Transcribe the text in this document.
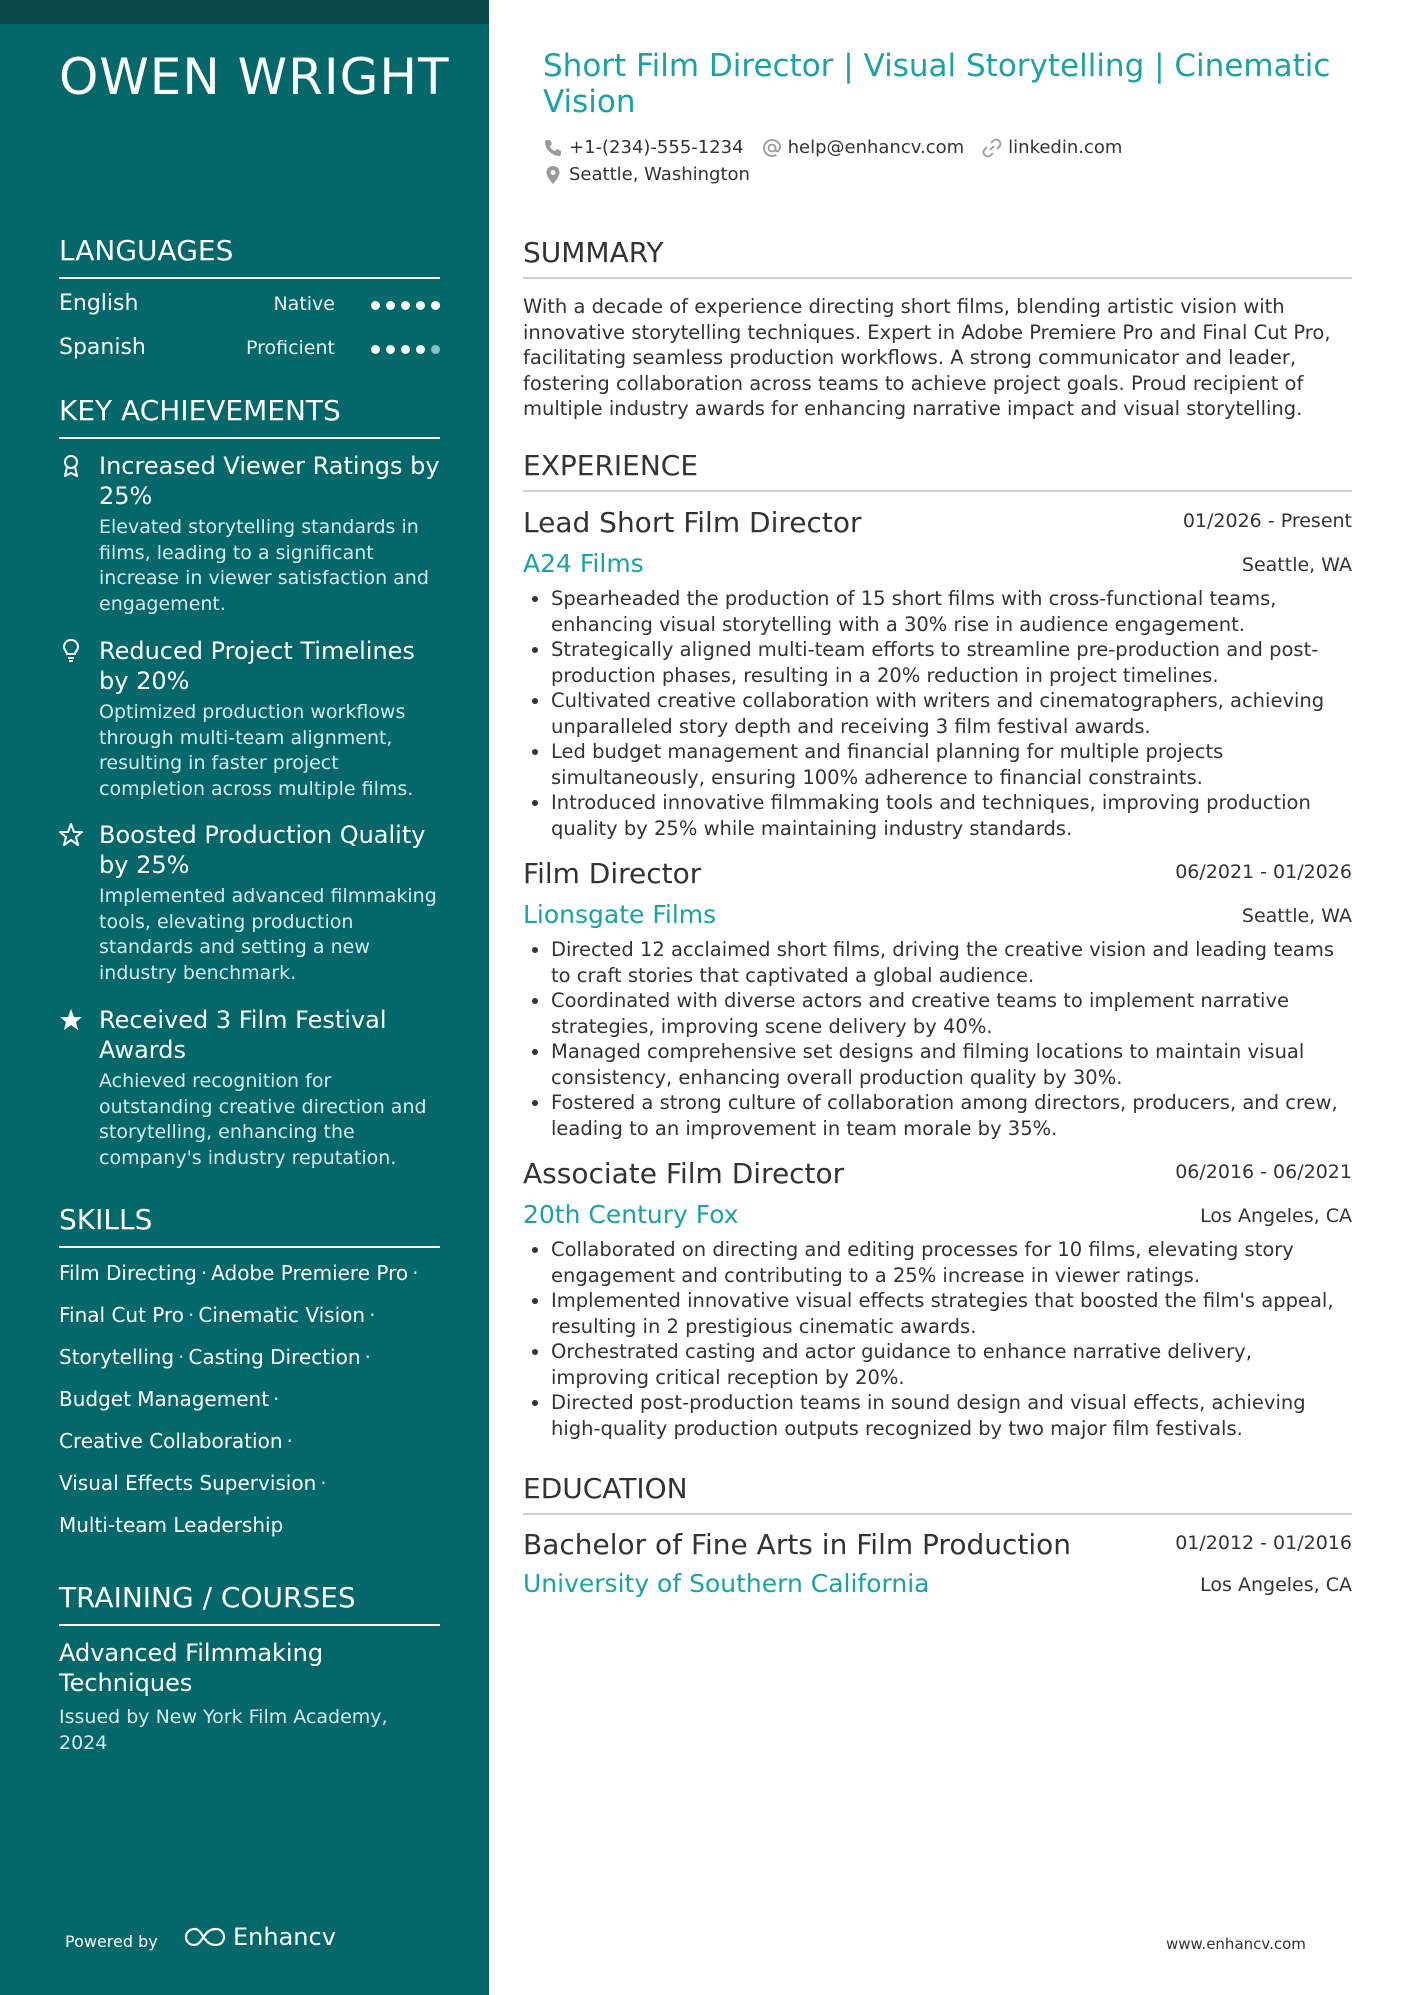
OWEN WRIGHT
LANGUAGES
English	Native
Spanish	Proficient
KEY ACHIEVEMENTS
Increased Viewer Ratings by 25%
Elevated storytelling standards in films, leading to a significant increase in viewer satisfaction and engagement.
Reduced Project Timelines by 20%
Optimized production workflows through multi-team alignment, resulting in faster project completion across multiple films.
Boosted Production Quality by 25%
Implemented advanced filmmaking tools, elevating production standards and setting a new industry benchmark.
Received 3 Film Festival Awards
Achieved recognition for outstanding creative direction and storytelling, enhancing the company's industry reputation.
SKILLS
Film Directing · Adobe Premiere Pro ·
Final Cut Pro · Cinematic Vision ·
Storytelling · Casting Direction ·
Budget Management ·
Creative Collaboration ·
Visual Effects Supervision ·
Multi-team Leadership
TRAINING / COURSES
Advanced Filmmaking Techniques
Issued by New York Film Academy, 2024
Powered by	Enhancv
Short Film Director | Visual Storytelling | Cinematic Vision
+1-(234)-555-1234 help@enhancv.com linkedin.com
Seattle, Washington
SUMMARY
With a decade of experience directing short films, blending artistic vision with innovative storytelling techniques. Expert in Adobe Premiere Pro and Final Cut Pro, facilitating seamless production workflows. A strong communicator and leader, fostering collaboration across teams to achieve project goals. Proud recipient of multiple industry awards for enhancing narrative impact and visual storytelling.
EXPERIENCE
Lead Short Film Director	01/2026 - Present
A24 Films	Seattle, WA
• Spearheaded the production of 15 short films with cross-functional teams, enhancing visual storytelling with a 30% rise in audience engagement.
• Strategically aligned multi-team efforts to streamline pre-production and post-production phases, resulting in a 20% reduction in project timelines.
• Cultivated creative collaboration with writers and cinematographers, achieving unparalleled story depth and receiving 3 film festival awards.
• Led budget management and financial planning for multiple projects simultaneously, ensuring 100% adherence to financial constraints.
• Introduced innovative filmmaking tools and techniques, improving production quality by 25% while maintaining industry standards.
Film Director	06/2021 - 01/2026
Lionsgate Films	Seattle, WA
• Directed 12 acclaimed short films, driving the creative vision and leading teams to craft stories that captivated a global audience.
• Coordinated with diverse actors and creative teams to implement narrative strategies, improving scene delivery by 40%.
• Managed comprehensive set designs and filming locations to maintain visual consistency, enhancing overall production quality by 30%.
• Fostered a strong culture of collaboration among directors, producers, and crew, leading to an improvement in team morale by 35%.
Associate Film Director	06/2016 - 06/2021
20th Century Fox	Los Angeles, CA
• Collaborated on directing and editing processes for 10 films, elevating story engagement and contributing to a 25% increase in viewer ratings.
• Implemented innovative visual effects strategies that boosted the film's appeal, resulting in 2 prestigious cinematic awards.
• Orchestrated casting and actor guidance to enhance narrative delivery, improving critical reception by 20%.
• Directed post-production teams in sound design and visual effects, achieving high-quality production outputs recognized by two major film festivals.
EDUCATION
Bachelor of Fine Arts in Film Production	01/2012 - 01/2016
University of Southern California	Los Angeles, CA
www.enhancv.com
